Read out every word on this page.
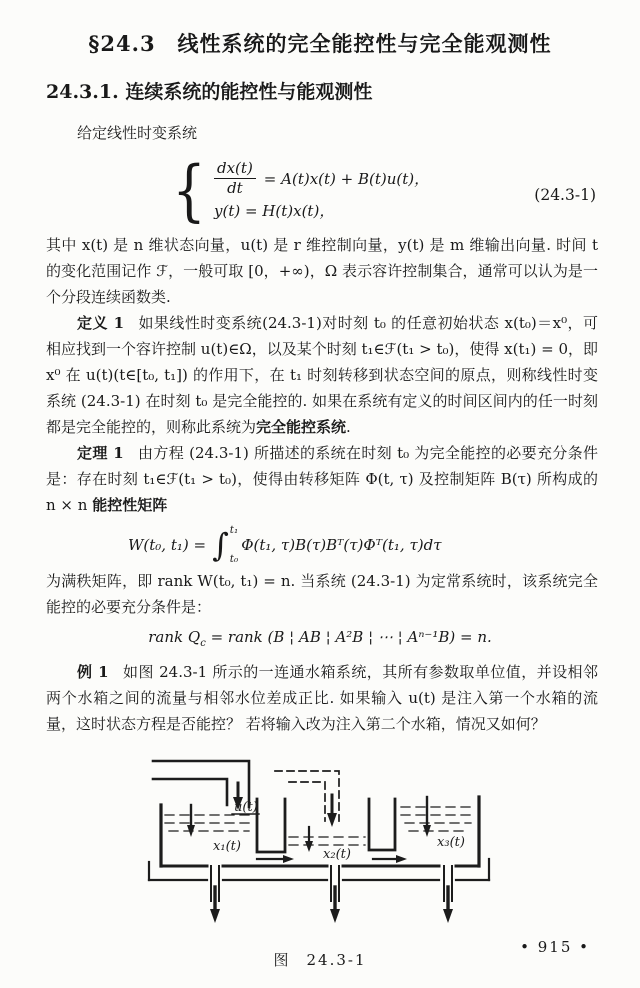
§24.3　线性系统的完全能控性与完全能观测性
24.3.1. 连续系统的能控性与能观测性

给定线性时变系统

{ $\frac{dx(t)}{dt} = A(t)x(t) + B(t)u(t)$，
y(t) = H(t)x(t)，
(24.3-1)

其中 x(t) 是 n 维状态向量，u(t) 是 r 维控制向量，y(t) 是 m 维输出向量. 时间 t 的变化范围记作 ℱ，一般可取 [0，+∞)，Ω 表示容许控制集合，通常可以认为是一个分段连续函数类.

定义 1 如果线性时变系统(24.3-1)对时刻 t₀ 的任意初始状态 x(t₀)＝x⁰，可相应找到一个容许控制 u(t)∈Ω，以及某个时刻 t₁∈ℱ(t₁ > t₀)，使得 x(t₁) = 0，即 x⁰ 在 u(t)(t∈[t₀, t₁]) 的作用下，在 t₁ 时刻转移到状态空间的原点，则称线性时变系统 (24.3-1) 在时刻 t₀ 是完全能控的. 如果在系统有定义的时间区间内的任一时刻都是完全能控的，则称此系统为完全能控系统.

定理 1 由方程 (24.3-1) 所描述的系统在时刻 t₀ 为完全能控的必要充分条件是：存在时刻 t₁∈ℱ(t₁ > t₀)，使得由转移矩阵 Φ(t, τ) 及控制矩阵 B(τ) 所构成的 n × n 能控性矩阵

W(t₀, t₁) = ∫ t₁
t₀
Φ(t₁, τ)B(τ)Bᵀ(τ)Φᵀ(t₁, τ)dτ

为满秩矩阵，即 rank W(t₀, t₁) = n. 当系统 (24.3-1) 为定常系统时，该系统完全能控的必要充分条件是：

rank $Q_c$ = rank (B ¦ AB ¦ A²B ¦ ⋯ ¦ Aⁿ⁻¹B) = n.

例 1 如图 24.3-1 所示的一连通水箱系统，其所有参数取单位值，并设相邻两个水箱之间的流量与相邻水位差成正比. 如果输入 u(t) 是注入第一个水箱的流量，这时状态方程是否能控？ 若将输入改为注入第二个水箱，情况又如何？

u(t)
x₁(t)
x₂(t)
x₃(t)
图 24.3-1
• 915 •
